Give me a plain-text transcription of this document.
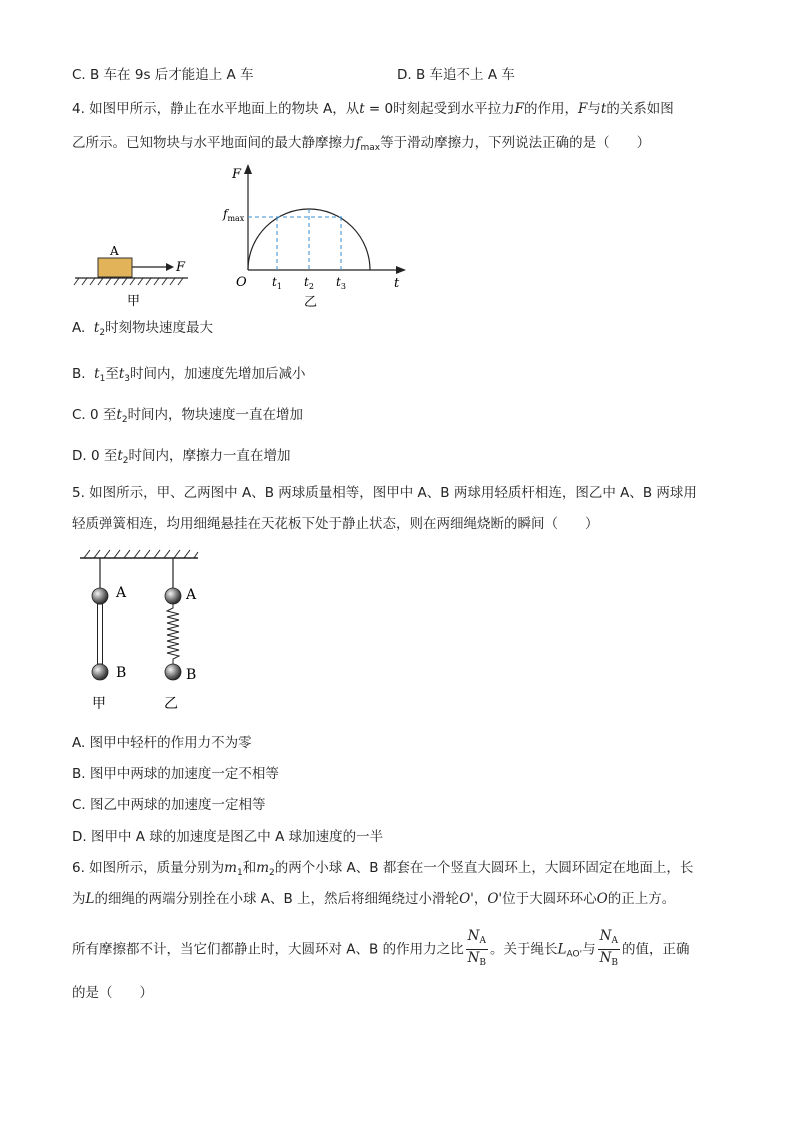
C. B 车在 9s 后才能追上 A 车	D. B 车追不上 A 车
4. 如图甲所示，静止在水平地面上的物块 A，从t = 0时刻起受到水平拉力F的作用，F与t的关系如图
乙所示。已知物块与水平地面间的最大静摩擦力$f_{max}$等于滑动摩擦力，下列说法正确的是（　　）
A
F
甲
F
t
O
$f_{max}$
$t_1$ $t_2$ $t_3$
乙
A. $t_2$时刻物块速度最大
B. $t_1$至$t_3$时间内，加速度先增加后减小
C. 0 至$t_2$时间内，物块速度一直在增加
D. 0 至$t_2$时间内，摩擦力一直在增加
5. 如图所示，甲、乙两图中 A、B 两球质量相等，图甲中 A、B 两球用轻质杆相连，图乙中 A、B 两球用
轻质弹簧相连，均用细绳悬挂在天花板下处于静止状态，则在两细绳烧断的瞬间（　　）
A
B
A
B
甲	乙
A. 图甲中轻杆的作用力不为零
B. 图甲中两球的加速度一定不相等
C. 图乙中两球的加速度一定相等
D. 图甲中 A 球的加速度是图乙中 A 球加速度的一半
6. 如图所示，质量分别为$m_1$和$m_2$的两个小球 A、B 都套在一个竖直大圆环上，大圆环固定在地面上，长
为L的细绳的两端分别拴在小球 A、B 上，然后将细绳绕过小滑轮O'，O'位于大圆环环心O的正上方。
所有摩擦都不计，当它们都静止时，大圆环对 A、B 的作用力之比 $\frac{N_A}{N_B}$ 。关于绳长$L_{AO'}$与 $\frac{N_A}{N_B}$ 的值，正确
的是（　　）
